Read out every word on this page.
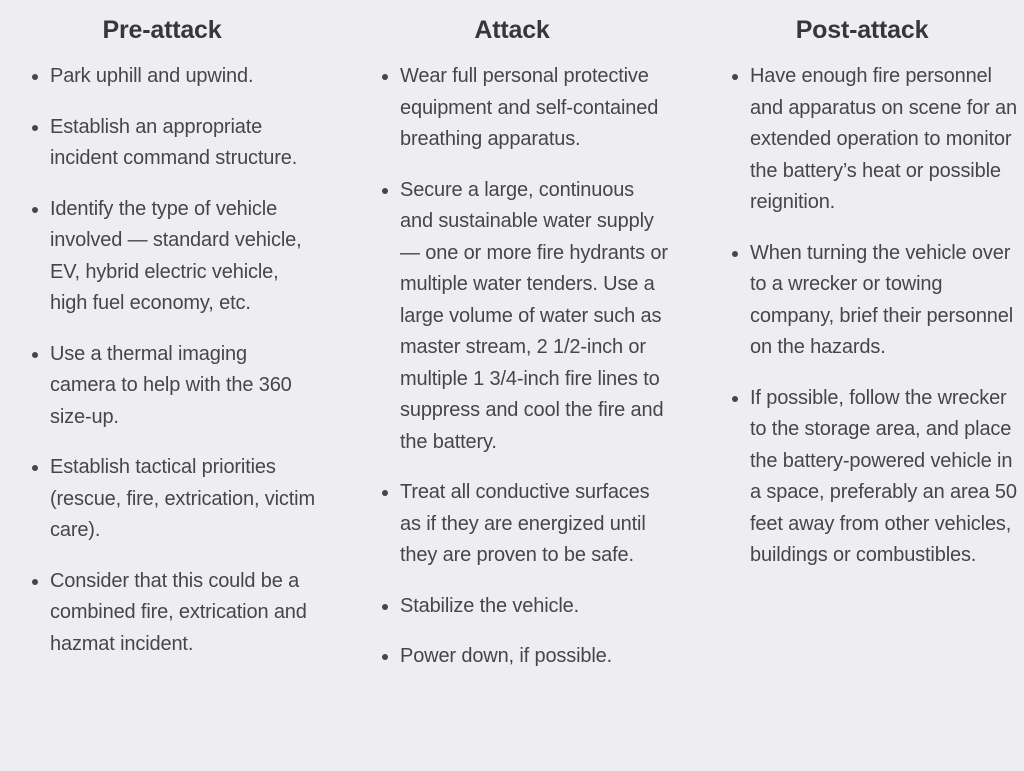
Pre-attack
Park uphill and upwind.
Establish an appropriate incident command structure.
Identify the type of vehicle involved — standard vehicle, EV, hybrid electric vehicle, high fuel economy, etc.
Use a thermal imaging camera to help with the 360 size-up.
Establish tactical priorities (rescue, fire, extrication, victim care).
Consider that this could be a combined fire, extrication and hazmat incident.
Attack
Wear full personal protective equipment and self-contained breathing apparatus.
Secure a large, continuous and sustainable water supply — one or more fire hydrants or multiple water tenders. Use a large volume of water such as master stream, 2 1/2-inch or multiple 1 3/4-inch fire lines to suppress and cool the fire and the battery.
Treat all conductive surfaces as if they are energized until they are proven to be safe.
Stabilize the vehicle.
Power down, if possible.
Post-attack
Have enough fire personnel and apparatus on scene for an extended operation to monitor the battery’s heat or possible reignition.
When turning the vehicle over to a wrecker or towing company, brief their personnel on the hazards.
If possible, follow the wrecker to the storage area, and place the battery-powered vehicle in a space, preferably an area 50 feet away from other vehicles, buildings or combustibles.
